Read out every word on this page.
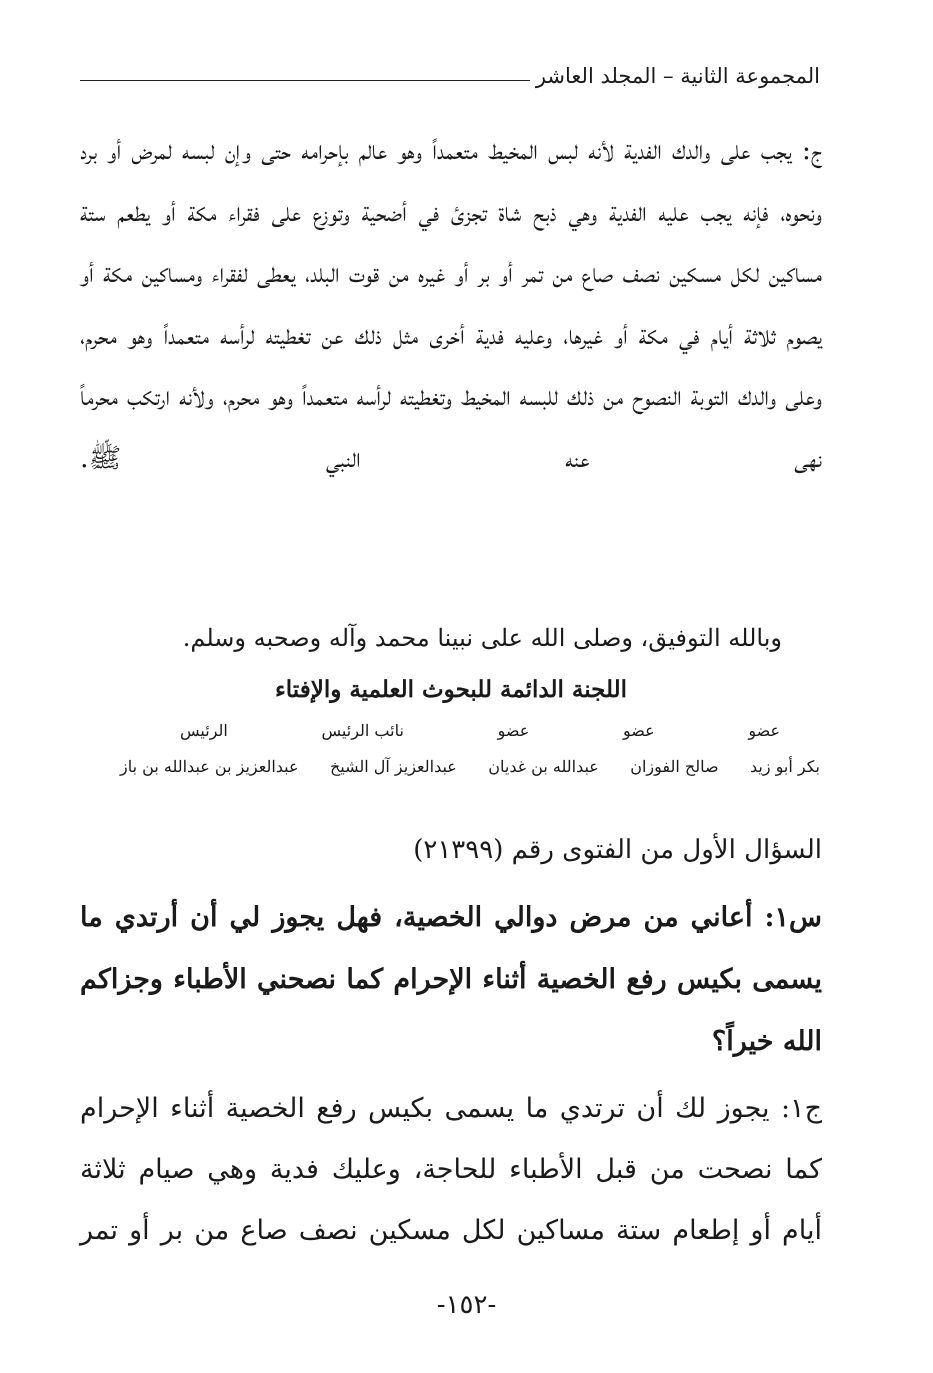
المجموعة الثانية – المجلد العاشر
ج: يجب على والدك الفدية لأنه لبس المخيط متعمداً وهو عالم بإحرامه حتى وإن لبسه لمرض أو برد ونحوه، فإنه يجب عليه الفدية وهي ذبح شاة تجزئ في أضحية وتوزع على فقراء مكة أو يطعم ستة مساكين لكل مسكين نصف صاع من تمر أو بر أو غيره من قوت البلد، يعطى لفقراء ومساكين مكة أو يصوم ثلاثة أيام في مكة أو غيرها، وعليه فدية أخرى مثل ذلك عن تغطيته لرأسه متعمداً وهو محرم، وعلى والدك التوبة النصوح من ذلك للبسه المخيط وتغطيته لرأسه متعمداً وهو محرم، ولأنه ارتكب محرماً نهى عنه النبي ﷺ.
وبالله التوفيق، وصلى الله على نبينا محمد وآله وصحبه وسلم.
اللجنة الدائمة للبحوث العلمية والإفتاء
عضو
عضو
عضو
نائب الرئيس
الرئيس
بكر أبو زيد
صالح الفوزان
عبدالله بن غديان
عبدالعزيز آل الشيخ
عبدالعزيز بن عبدالله بن باز
السؤال الأول من الفتوى رقم (٢١٣٩٩)
س١: أعاني من مرض دوالي الخصية، فهل يجوز لي أن أرتدي ما يسمى بكيس رفع الخصية أثناء الإحرام كما نصحني الأطباء وجزاكم الله خيراً؟
ج١: يجوز لك أن ترتدي ما يسمى بكيس رفع الخصية أثناء الإحرام كما نصحت من قبل الأطباء للحاجة، وعليك فدية وهي صيام ثلاثة أيام أو إطعام ستة مساكين لكل مسكين نصف صاع من بر أو تمر
-١٥٢-
